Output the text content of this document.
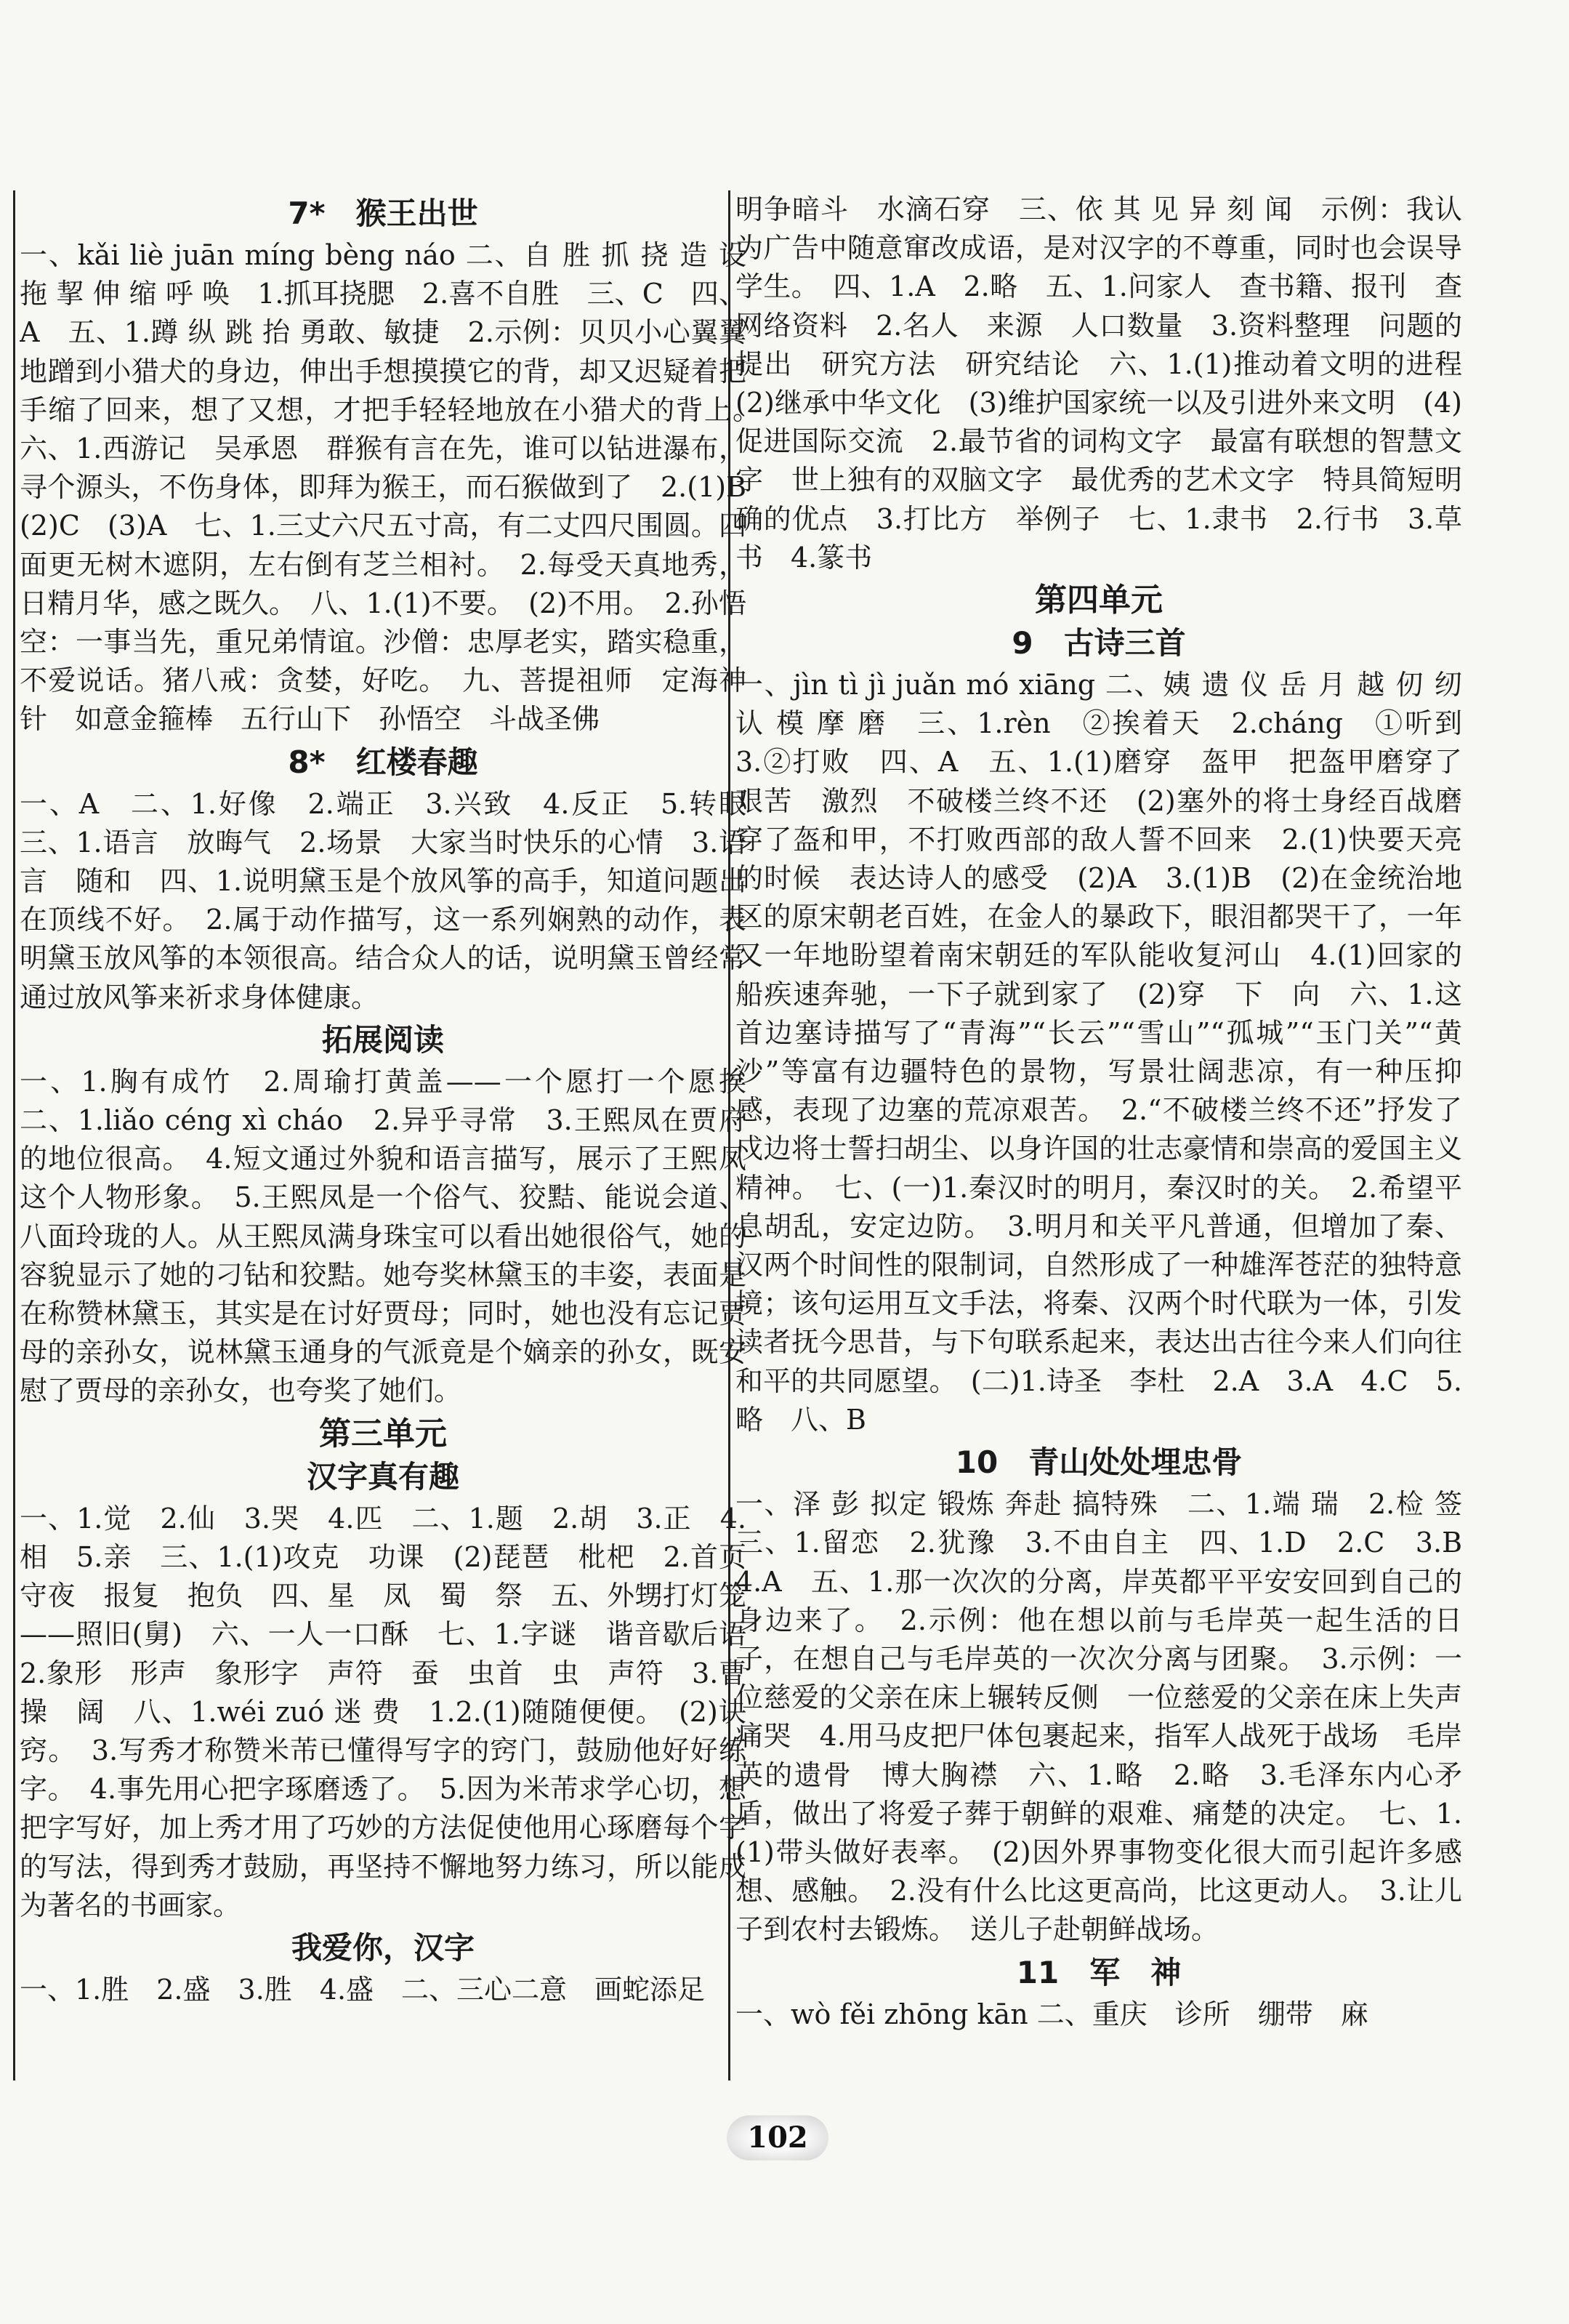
7*　猴王出世

一、kǎi liè juān míng bèng náo 二、自 胜 抓 挠 造 设 拖 挈 伸 缩 呼 唤　1.抓耳挠腮　2.喜不自胜　三、C　四、A　五、1.蹲 纵 跳 抬 勇敢、敏捷　2.示例：贝贝小心翼翼地蹭到小猎犬的身边，伸出手想摸摸它的背，却又迟疑着把手缩了回来，想了又想，才把手轻轻地放在小猎犬的背上。　六、1.西游记　吴承恩　群猴有言在先，谁可以钻进瀑布，寻个源头，不伤身体，即拜为猴王，而石猴做到了　2.(1)B　(2)C　(3)A　七、1.三丈六尺五寸高，有二丈四尺围圆。四面更无树木遮阴，左右倒有芝兰相衬。　2.每受天真地秀，日精月华，感之既久。　八、1.(1)不要。　(2)不用。　2.孙悟空：一事当先，重兄弟情谊。沙僧：忠厚老实，踏实稳重，不爱说话。猪八戒：贪婪，好吃。　九、菩提祖师　定海神针　如意金箍棒　五行山下　孙悟空　斗战圣佛

8*　红楼春趣

一、A　二、1.好像　2.端正　3.兴致　4.反正　5.转眼　三、1.语言　放晦气　2.场景　大家当时快乐的心情　3.语言　随和　四、1.说明黛玉是个放风筝的高手，知道问题出在顶线不好。　2.属于动作描写，这一系列娴熟的动作，表明黛玉放风筝的本领很高。结合众人的话，说明黛玉曾经常通过放风筝来祈求身体健康。

拓展阅读

一、1.胸有成竹　2.周瑜打黄盖——一个愿打一个愿挨　二、1.liǎo céng xì cháo　2.异乎寻常　3.王熙凤在贾府的地位很高。　4.短文通过外貌和语言描写，展示了王熙凤这个人物形象。　5.王熙凤是一个俗气、狡黠、能说会道、八面玲珑的人。从王熙凤满身珠宝可以看出她很俗气，她的容貌显示了她的刁钻和狡黠。她夸奖林黛玉的丰姿，表面是在称赞林黛玉，其实是在讨好贾母；同时，她也没有忘记贾母的亲孙女，说林黛玉通身的气派竟是个嫡亲的孙女，既安慰了贾母的亲孙女，也夸奖了她们。

第三单元
汉字真有趣

一、1.觉　2.仙　3.哭　4.匹　二、1.题　2.胡　3.正　4.相　5.亲　三、1.(1)攻克　功课　(2)琵琶　枇杷　2.首页　守夜　报复　抱负　四、星　凤　蜀　祭　五、外甥打灯笼——照旧(舅)　六、一人一口酥　七、1.字谜　谐音歇后语　2.象形　形声　象形字　声符　蚕　虫首　虫　声符　3.曹操　阔　八、1.wéi zuó 迷 费　1.2.(1)随随便便。　(2)诀窍。　3.写秀才称赞米芾已懂得写字的窍门，鼓励他好好练字。　4.事先用心把字琢磨透了。　5.因为米芾求学心切，想把字写好，加上秀才用了巧妙的方法促使他用心琢磨每个字的写法，得到秀才鼓励，再坚持不懈地努力练习，所以能成为著名的书画家。

我爱你，汉字

一、1.胜　2.盛　3.胜　4.盛　二、三心二意　画蛇添足

明争暗斗　水滴石穿　三、依 其 见 异 刻 闻　示例：我认为广告中随意窜改成语，是对汉字的不尊重，同时也会误导学生。　四、1.A　2.略　五、1.问家人　查书籍、报刊　查网络资料　2.名人　来源　人口数量　3.资料整理　问题的提出　研究方法　研究结论　六、1.(1)推动着文明的进程　(2)继承中华文化　(3)维护国家统一以及引进外来文明　(4)促进国际交流　2.最节省的词构文字　最富有联想的智慧文字　世上独有的双脑文字　最优秀的艺术文字　特具简短明确的优点　3.打比方　举例子　七、1.隶书　2.行书　3.草书　4.篆书

第四单元
9　古诗三首

一、jìn tì jì juǎn mó xiāng 二、姨 遗 仪 岳 月 越 仞 纫 认 模 摩 磨　三、1.rèn　②挨着天　2.cháng　①听到　3.②打败　四、A　五、1.(1)磨穿　盔甲　把盔甲磨穿了　艰苦　激烈　不破楼兰终不还　(2)塞外的将士身经百战磨穿了盔和甲，不打败西部的敌人誓不回来　2.(1)快要天亮的时候　表达诗人的感受　(2)A　3.(1)B　(2)在金统治地区的原宋朝老百姓，在金人的暴政下，眼泪都哭干了，一年又一年地盼望着南宋朝廷的军队能收复河山　4.(1)回家的船疾速奔驰，一下子就到家了　(2)穿　下　向　六、1.这首边塞诗描写了“青海”“长云”“雪山”“孤城”“玉门关”“黄沙”等富有边疆特色的景物，写景壮阔悲凉，有一种压抑感，表现了边塞的荒凉艰苦。　2.“不破楼兰终不还”抒发了戍边将士誓扫胡尘、以身许国的壮志豪情和崇高的爱国主义精神。　七、(一)1.秦汉时的明月，秦汉时的关。　2.希望平息胡乱，安定边防。　3.明月和关平凡普通，但增加了秦、汉两个时间性的限制词，自然形成了一种雄浑苍茫的独特意境；该句运用互文手法，将秦、汉两个时代联为一体，引发读者抚今思昔，与下句联系起来，表达出古往今来人们向往和平的共同愿望。　(二)1.诗圣　李杜　2.A　3.A　4.C　5.略　八、B

10　青山处处埋忠骨

一、泽 彭 拟定 锻炼 奔赴 搞特殊　二、1.端 瑞　2.检 签　三、1.留恋　2.犹豫　3.不由自主　四、1.D　2.C　3.B　4.A　五、1.那一次次的分离，岸英都平平安安回到自己的身边来了。　2.示例：他在想以前与毛岸英一起生活的日子，在想自己与毛岸英的一次次分离与团聚。　3.示例：一位慈爱的父亲在床上辗转反侧　一位慈爱的父亲在床上失声痛哭　4.用马皮把尸体包裹起来，指军人战死于战场　毛岸英的遗骨　博大胸襟　六、1.略　2.略　3.毛泽东内心矛盾，做出了将爱子葬于朝鲜的艰难、痛楚的决定。　七、1.(1)带头做好表率。　(2)因外界事物变化很大而引起许多感想、感触。　2.没有什么比这更高尚，比这更动人。　3.让儿子到农村去锻炼。　送儿子赴朝鲜战场。

11　军　神

一、wò fěi zhōng kān 二、重庆　诊所　绷带　麻

102
